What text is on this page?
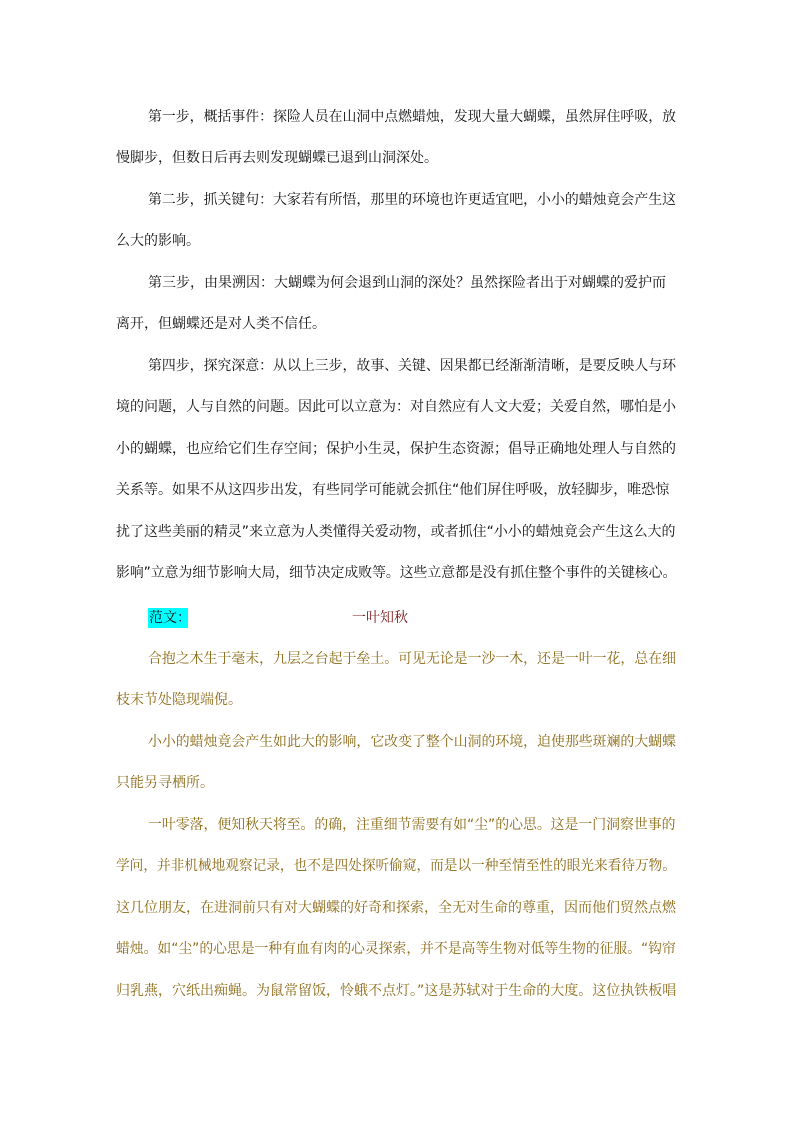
第一步，概括事件：探险人员在山洞中点燃蜡烛，发现大量大蝴蝶，虽然屏住呼吸，放
慢脚步，但数日后再去则发现蝴蝶已退到山洞深处。
第二步，抓关键句：大家若有所悟，那里的环境也许更适宜吧，小小的蜡烛竟会产生这
么大的影响。
第三步，由果溯因：大蝴蝶为何会退到山洞的深处？虽然探险者出于对蝴蝶的爱护而
离开，但蝴蝶还是对人类不信任。
第四步，探究深意：从以上三步，故事、关键、因果都已经渐渐清晰，是要反映人与环
境的问题，人与自然的问题。因此可以立意为：对自然应有人文大爱；关爱自然，哪怕是小
小的蝴蝶，也应给它们生存空间；保护小生灵，保护生态资源；倡导正确地处理人与自然的
关系等。如果不从这四步出发，有些同学可能就会抓住“他们屏住呼吸，放轻脚步，唯恐惊
扰了这些美丽的精灵”来立意为人类懂得关爱动物，或者抓住“小小的蜡烛竟会产生这么大的
影响”立意为细节影响大局，细节决定成败等。这些立意都是没有抓住整个事件的关键核心。
范文：	一叶知秋
合抱之木生于毫末，九层之台起于垒土。可见无论是一沙一木，还是一叶一花，总在细
枝末节处隐现端倪。
小小的蜡烛竟会产生如此大的影响，它改变了整个山洞的环境，迫使那些斑斓的大蝴蝶
只能另寻栖所。
一叶零落，便知秋天将至。的确，注重细节需要有如“尘”的心思。这是一门洞察世事的
学问，并非机械地观察记录，也不是四处探听偷窥，而是以一种至情至性的眼光来看待万物。
这几位朋友，在进洞前只有对大蝴蝶的好奇和探索，全无对生命的尊重，因而他们贸然点燃
蜡烛。如“尘”的心思是一种有血有肉的心灵探索，并不是高等生物对低等生物的征服。“钩帘
归乳燕，穴纸出痴蝇。为鼠常留饭，怜蛾不点灯。”这是苏轼对于生命的大度。这位执铁板唱
